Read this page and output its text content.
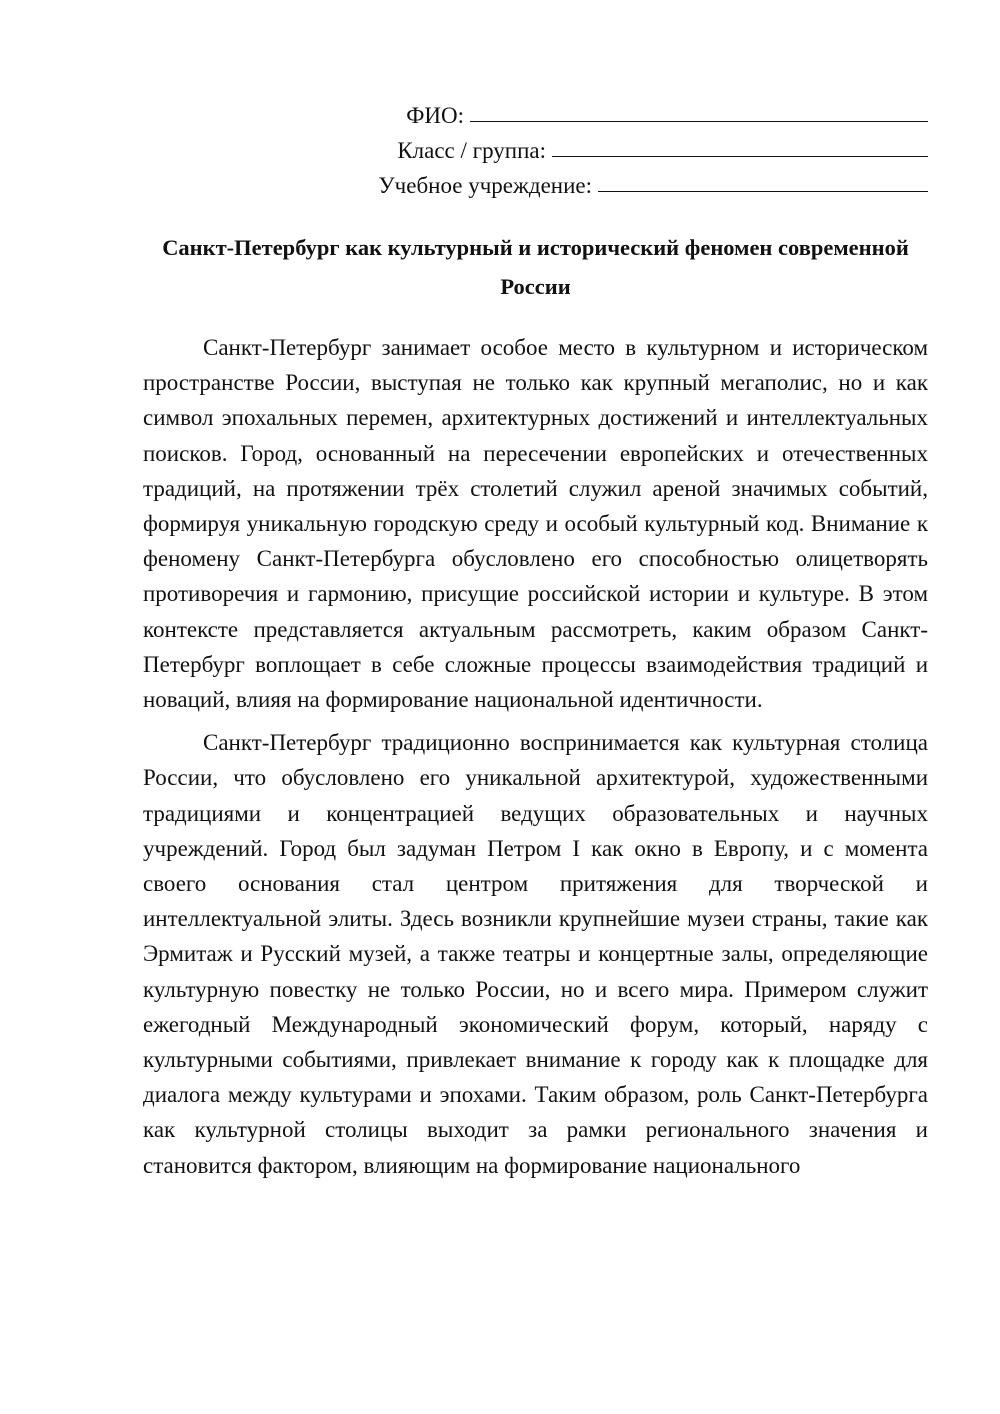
ФИО:
Класс / группа:
Учебное учреждение:
Санкт-Петербург как культурный и исторический феномен современной России

Санкт-Петербург занимает особое место в культурном и историческом пространстве России, выступая не только как крупный мегаполис, но и как символ эпохальных перемен, архитектурных достижений и интеллектуальных поисков. Город, основанный на пересечении европейских и отечественных традиций, на протяжении трёх столетий служил ареной значимых событий, формируя уникальную городскую среду и особый культурный код. Внимание к феномену Санкт-Петербурга обусловлено его способностью олицетворять противоречия и гармонию, присущие российской истории и культуре. В этом контексте представляется актуальным рассмотреть, каким образом Санкт-Петербург воплощает в себе сложные процессы взаимодействия традиций и новаций, влияя на формирование национальной идентичности.

Санкт-Петербург традиционно воспринимается как культурная столица России, что обусловлено его уникальной архитектурой, художественными традициями и концентрацией ведущих образовательных и научных учреждений. Город был задуман Петром I как окно в Европу, и с момента своего основания стал центром притяжения для творческой и интеллектуальной элиты. Здесь возникли крупнейшие музеи страны, такие как Эрмитаж и Русский музей, а также театры и концертные залы, определяющие культурную повестку не только России, но и всего мира. Примером служит ежегодный Международный экономический форум, который, наряду с культурными событиями, привлекает внимание к городу как к площадке для диалога между культурами и эпохами. Таким образом, роль Санкт-Петербурга как культурной столицы выходит за рамки регионального значения и становится фактором, влияющим на формирование национального
